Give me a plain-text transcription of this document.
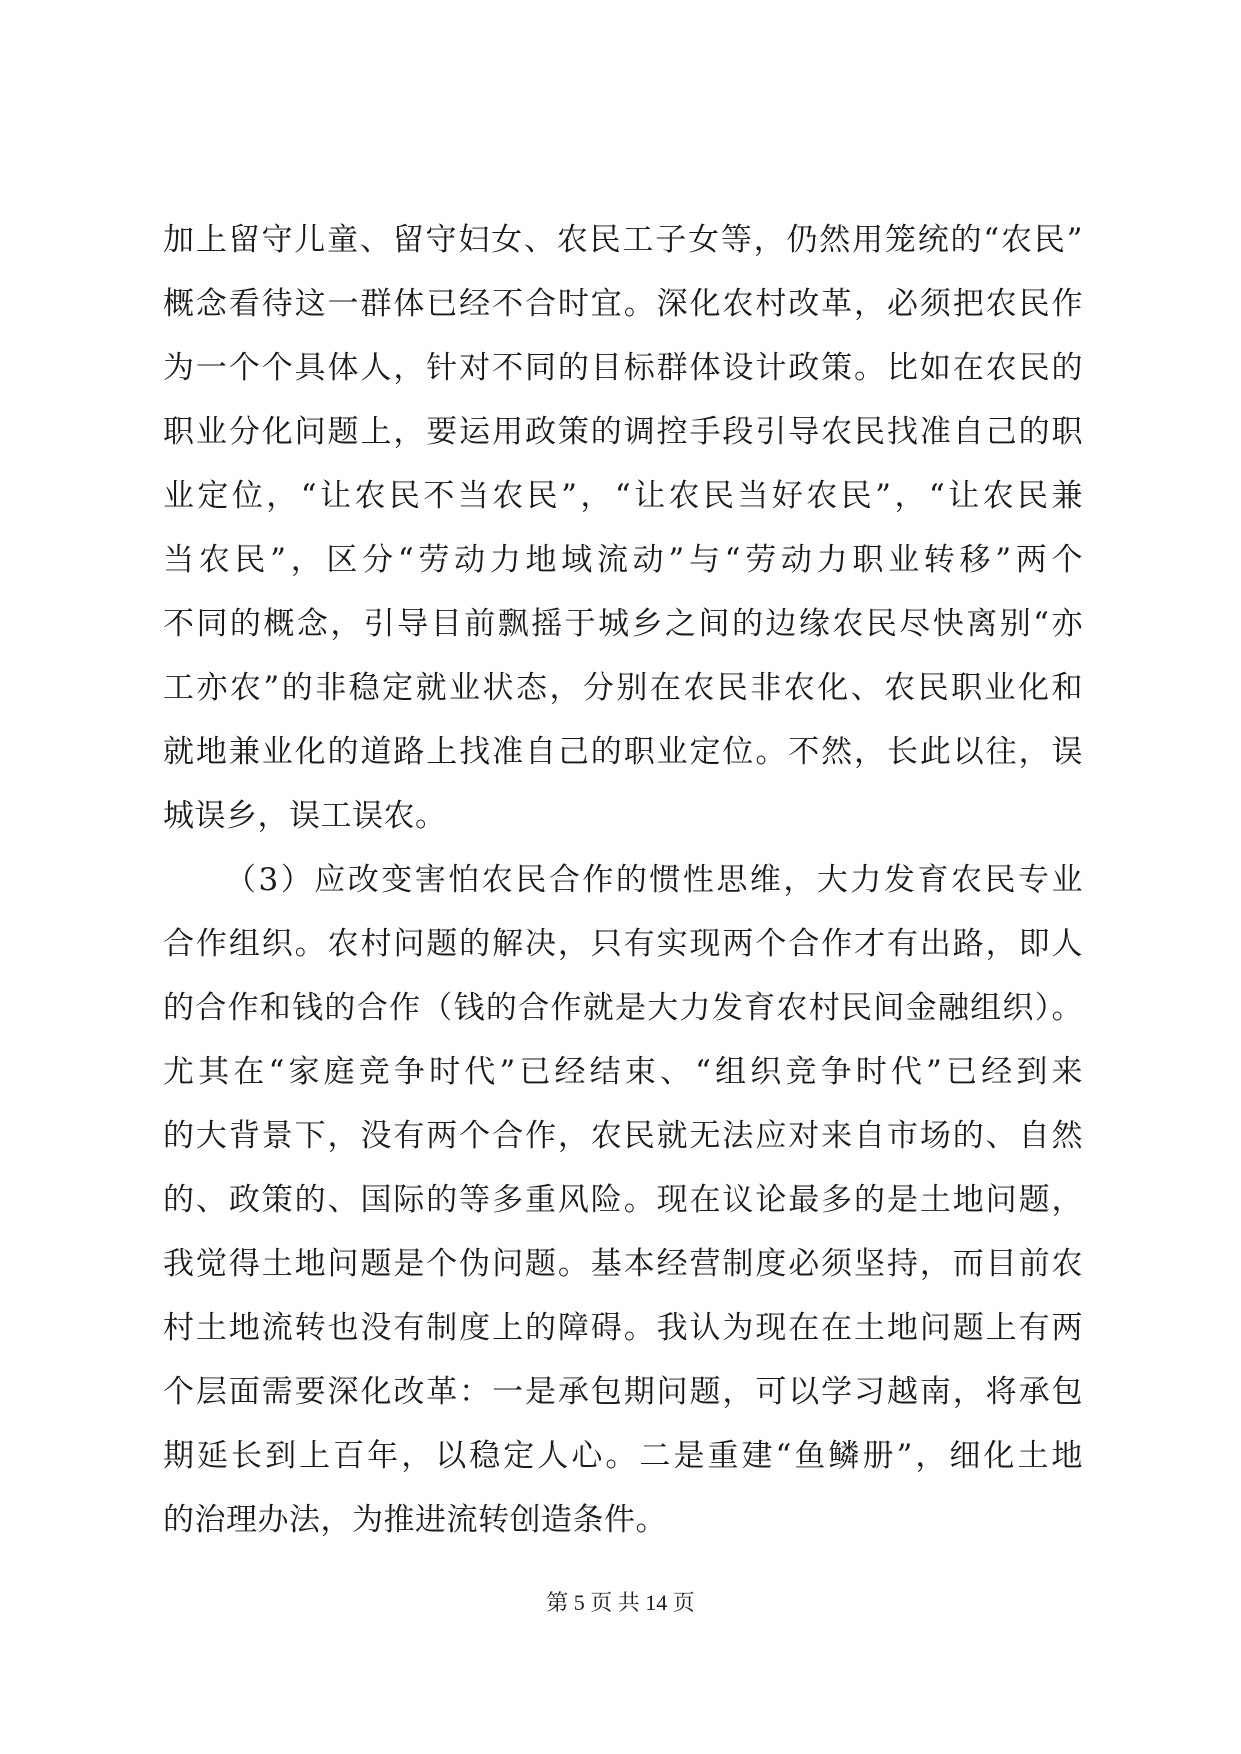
加上留守儿童、留守妇女、农民工子女等，仍然用笼统的“农民”
概念看待这一群体已经不合时宜。深化农村改革，必须把农民作
为一个个具体人，针对不同的目标群体设计政策。比如在农民的
职业分化问题上，要运用政策的调控手段引导农民找准自己的职
业定位，“让农民不当农民”，“让农民当好农民”，“让农民兼
当农民”，区分“劳动力地域流动”与“劳动力职业转移”两个
不同的概念，引导目前飘摇于城乡之间的边缘农民尽快离别“亦
工亦农”的非稳定就业状态，分别在农民非农化、农民职业化和
就地兼业化的道路上找准自己的职业定位。不然，长此以往，误
城误乡，误工误农。
（3）应改变害怕农民合作的惯性思维，大力发育农民专业
合作组织。农村问题的解决，只有实现两个合作才有出路，即人
的合作和钱的合作（钱的合作就是大力发育农村民间金融组织）。
尤其在“家庭竞争时代”已经结束、“组织竞争时代”已经到来
的大背景下，没有两个合作，农民就无法应对来自市场的、自然
的、政策的、国际的等多重风险。现在议论最多的是土地问题，
我觉得土地问题是个伪问题。基本经营制度必须坚持，而目前农
村土地流转也没有制度上的障碍。我认为现在在土地问题上有两
个层面需要深化改革：一是承包期问题，可以学习越南，将承包
期延长到上百年，以稳定人心。二是重建“鱼鳞册”，细化土地
的治理办法，为推进流转创造条件。
第 5 页 共 14 页
